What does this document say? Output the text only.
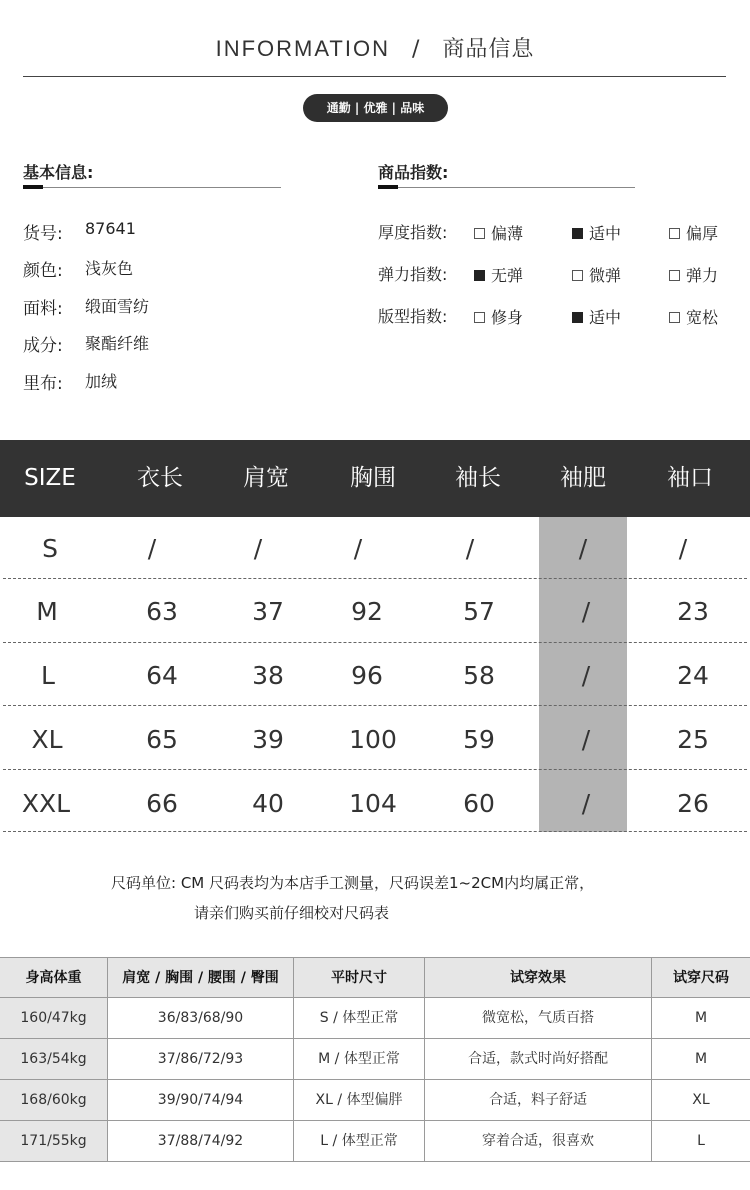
INFORMATION / 商品信息
通勤 | 优雅 | 品味
基本信息:
货号: 87641
颜色: 浅灰色
面料: 缎面雪纺
成分: 聚酯纤维
里布: 加绒
商品指数:
厚度指数:	偏薄	适中	偏厚
弹力指数:	无弹	微弹	弹力
版型指数:	修身	适中	宽松
SIZE	衣长	肩宽	胸围	袖长	袖肥	袖口
S	/	/	/	/	/	/
M	63	37	92	57	/	23
L	64	38	96	58	/	24
XL	65	39	100	59	/	25
XXL	66	40	104	60	/	26
尺码单位: CM 尺码表均为本店手工测量，尺码误差1~2CM内均属正常，
请亲们购买前仔细校对尺码表
身高体重	肩宽 / 胸围 / 腰围 / 臀围	平时尺寸	试穿效果	试穿尺码
160/47kg	36/83/68/90	S / 体型正常	微宽松，气质百搭	M
163/54kg	37/86/72/93	M / 体型正常	合适，款式时尚好搭配	M
168/60kg	39/90/74/94	XL / 体型偏胖	合适，料子舒适	XL
171/55kg	37/88/74/92	L / 体型正常	穿着合适，很喜欢	L
